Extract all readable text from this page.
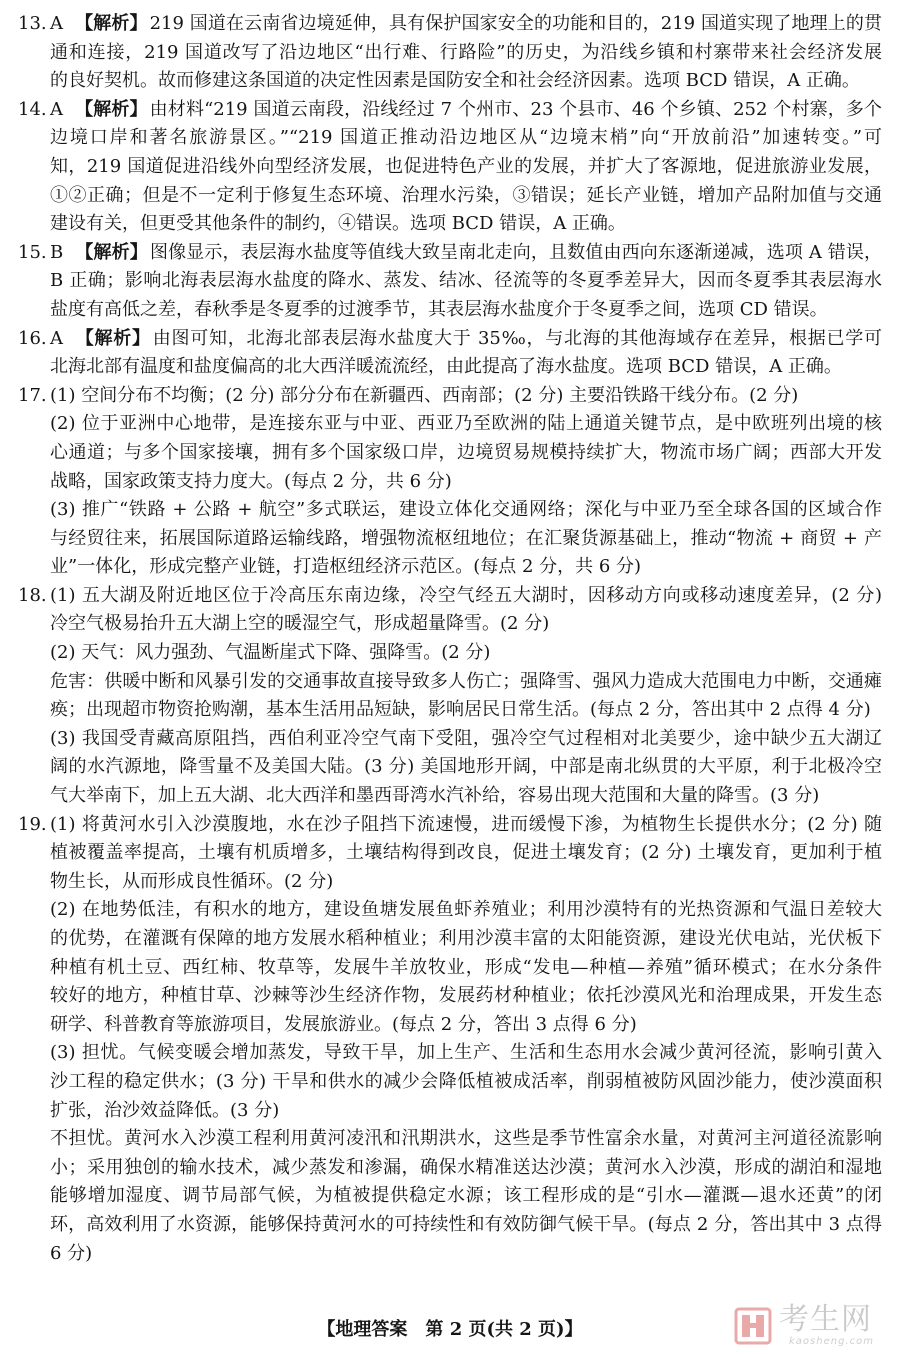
13. A 【解析】 219 国道在云南省边境延伸，具有保护国家安全的功能和目的，219 国道实现了地理上的贯
通和连接，219 国道改写了沿边地区“出行难、行路险”的历史，为沿线乡镇和村寨带来社会经济发展
的良好契机。故而修建这条国道的决定性因素是国防安全和社会经济因素。选项 BCD 错误，A 正确。
14. A 【解析】 由材料“219 国道云南段，沿线经过 7 个州市、23 个县市、46 个乡镇、252 个村寨，多个
边境口岸和著名旅游景区。”“219 国道正推动沿边地区从“边境末梢”向“开放前沿”加速转变。”可
知，219 国道促进沿线外向型经济发展，也促进特色产业的发展，并扩大了客源地，促进旅游业发展，
①②正确；但是不一定利于修复生态环境、治理水污染，③错误；延长产业链，增加产品附加值与交通
建设有关，但更受其他条件的制约，④错误。选项 BCD 错误，A 正确。
15. B 【解析】 图像显示，表层海水盐度等值线大致呈南北走向，且数值由西向东逐渐递减，选项 A 错误，
B 正确；影响北海表层海水盐度的降水、蒸发、结冰、径流等的冬夏季差异大，因而冬夏季其表层海水
盐度有高低之差，春秋季是冬夏季的过渡季节，其表层海水盐度介于冬夏季之间，选项 CD 错误。
16. A 【解析】 由图可知，北海北部表层海水盐度大于 35‰，与北海的其他海域存在差异，根据已学可
北海北部有温度和盐度偏高的北大西洋暖流流经，由此提高了海水盐度。选项 BCD 错误，A 正确。
17. (1) 空间分布不均衡；(2 分) 部分分布在新疆西、西南部；(2 分) 主要沿铁路干线分布。(2 分)
(2) 位于亚洲中心地带，是连接东亚与中亚、西亚乃至欧洲的陆上通道关键节点，是中欧班列出境的核
心通道；与多个国家接壤，拥有多个国家级口岸，边境贸易规模持续扩大，物流市场广阔；西部大开发
战略，国家政策支持力度大。(每点 2 分，共 6 分)
(3) 推广“铁路 + 公路 + 航空”多式联运，建设立体化交通网络；深化与中亚乃至全球各国的区域合作
与经贸往来，拓展国际道路运输线路，增强物流枢纽地位；在汇聚货源基础上，推动“物流 + 商贸 + 产
业”一体化，形成完整产业链，打造枢纽经济示范区。(每点 2 分，共 6 分)
18. (1) 五大湖及附近地区位于冷高压东南边缘，冷空气经五大湖时，因移动方向或移动速度差异，(2 分)
冷空气极易抬升五大湖上空的暖湿空气，形成超量降雪。(2 分)
(2) 天气：风力强劲、气温断崖式下降、强降雪。(2 分)
危害：供暖中断和风暴引发的交通事故直接导致多人伤亡；强降雪、强风力造成大范围电力中断，交通瘫
痪；出现超市物资抢购潮，基本生活用品短缺，影响居民日常生活。(每点 2 分，答出其中 2 点得 4 分)
(3) 我国受青藏高原阻挡，西伯利亚冷空气南下受阻，强冷空气过程相对北美要少，途中缺少五大湖辽
阔的水汽源地，降雪量不及美国大陆。(3 分) 美国地形开阔，中部是南北纵贯的大平原，利于北极冷空
气大举南下，加上五大湖、北大西洋和墨西哥湾水汽补给，容易出现大范围和大量的降雪。(3 分)
19. (1) 将黄河水引入沙漠腹地，水在沙子阻挡下流速慢，进而缓慢下渗，为植物生长提供水分；(2 分) 随
植被覆盖率提高，土壤有机质增多，土壤结构得到改良，促进土壤发育；(2 分) 土壤发育，更加利于植
物生长，从而形成良性循环。(2 分)
(2) 在地势低洼，有积水的地方，建设鱼塘发展鱼虾养殖业；利用沙漠特有的光热资源和气温日差较大
的优势，在灌溉有保障的地方发展水稻种植业；利用沙漠丰富的太阳能资源，建设光伏电站，光伏板下
种植有机土豆、西红柿、牧草等，发展牛羊放牧业，形成“发电—种植—养殖”循环模式；在水分条件
较好的地方，种植甘草、沙棘等沙生经济作物，发展药材种植业；依托沙漠风光和治理成果，开发生态
研学、科普教育等旅游项目，发展旅游业。(每点 2 分，答出 3 点得 6 分)
(3) 担忧。气候变暖会增加蒸发，导致干旱，加上生产、生活和生态用水会减少黄河径流，影响引黄入
沙工程的稳定供水；(3 分) 干旱和供水的减少会降低植被成活率，削弱植被防风固沙能力，使沙漠面积
扩张，治沙效益降低。(3 分)
不担忧。黄河水入沙漠工程利用黄河凌汛和汛期洪水，这些是季节性富余水量，对黄河主河道径流影响
小；采用独创的输水技术，减少蒸发和渗漏，确保水精准送达沙漠；黄河水入沙漠，形成的湖泊和湿地
能够增加湿度、调节局部气候，为植被提供稳定水源；该工程形成的是“引水—灌溉—退水还黄”的闭
环，高效利用了水资源，能够保持黄河水的可持续性和有效防御气候干旱。(每点 2 分，答出其中 3 点得
6 分)
【地理答案　第 2 页(共 2 页)】	考生网
kaosheng.com
